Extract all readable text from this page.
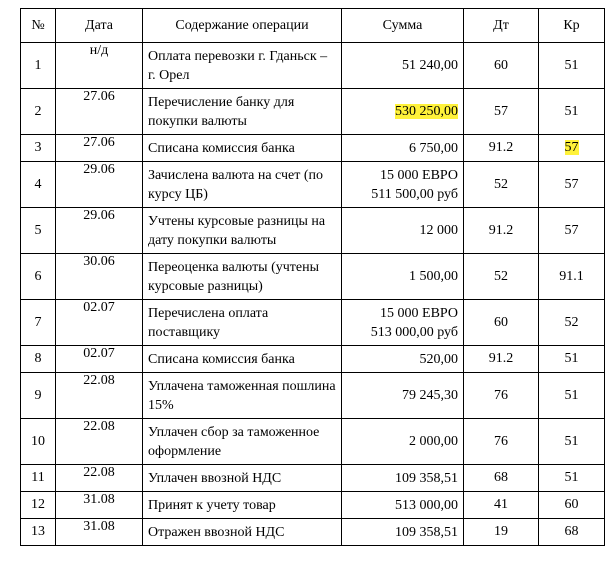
№	Дата	Содержание операции	Сумма	Дт	Кр
1	н/д	Оплата перевозки г. Гданьск – г. Орел	51 240,00	60	51
2	27.06	Перечисление банку для покупки валюты	530 250,00	57	51
3	27.06	Списана комиссия банка	6 750,00	91.2	57
4	29.06	Зачислена валюта на счет (по курсу ЦБ)	15 000 ЕВРО
511 500,00 руб	52	57
5	29.06	Учтены курсовые разницы на дату покупки валюты	12 000	91.2	57
6	30.06	Переоценка валюты (учтены курсовые разницы)	1 500,00	52	91.1
7	02.07	Перечислена оплата поставщику	15 000 ЕВРО
513 000,00 руб	60	52
8	02.07	Списана комиссия банка	520,00	91.2	51
9	22.08	Уплачена таможенная пошлина 15%	79 245,30	76	51
10	22.08	Уплачен сбор за таможенное оформление	2 000,00	76	51
11	22.08	Уплачен ввозной НДС	109 358,51	68	51
12	31.08	Принят к учету товар	513 000,00	41	60
13	31.08	Отражен ввозной НДС	109 358,51	19	68
